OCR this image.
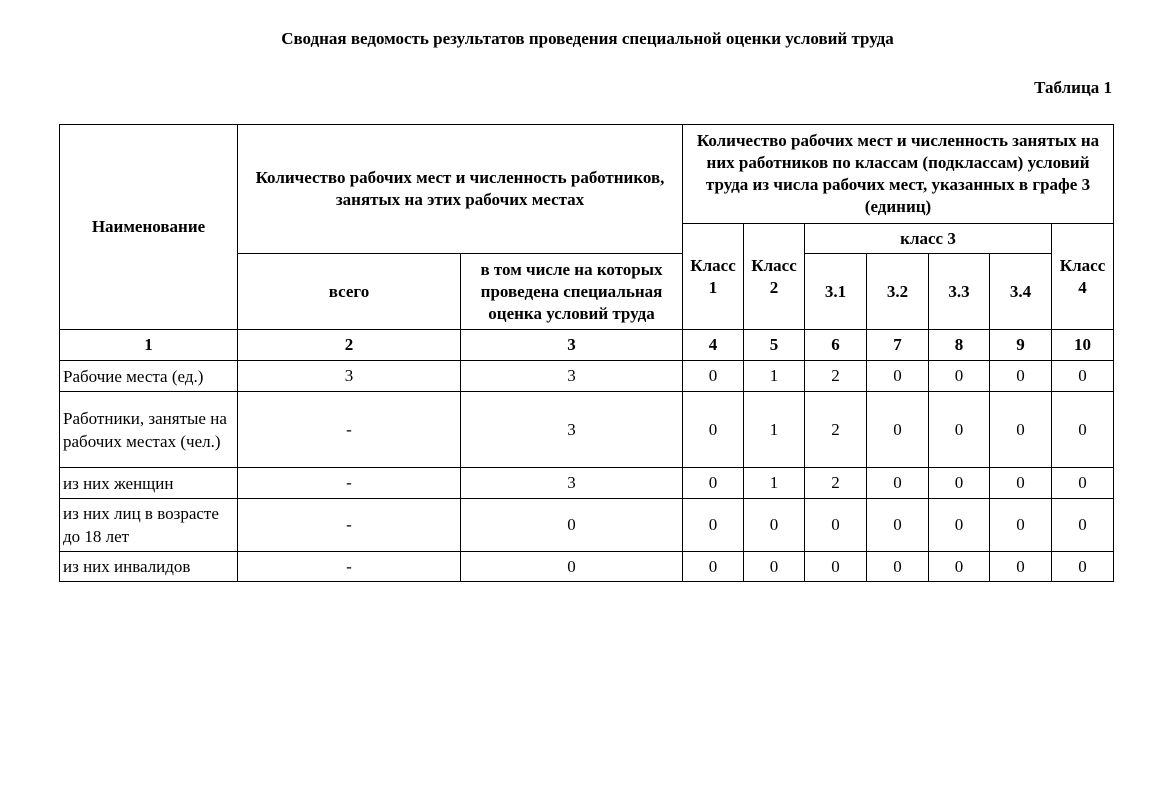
Сводная ведомость результатов проведения специальной оценки условий труда
Таблица 1
Наименование	Количество рабочих мест и численность работников, занятых на этих рабочих местах		Количество рабочих мест и численность занятых на них работников по классам (подклассам) условий труда из числа рабочих мест, указанных в графе 3 (единиц)						
			Класс 1	Класс 2	класс 3				Класс 4
	всего	в том числе на которых проведена специальная оценка условий труда			3.1	3.2	3.3	3.4	
1	2	3	4	5	6	7	8	9	10
Рабочие места (ед.)	3	3	0	1	2	0	0	0	0
Работники, занятые на рабочих местах (чел.)	-	3	0	1	2	0	0	0	0
из них женщин	-	3	0	1	2	0	0	0	0
из них лиц в возрасте до 18 лет	-	0	0	0	0	0	0	0	0
из них инвалидов	-	0	0	0	0	0	0	0	0
